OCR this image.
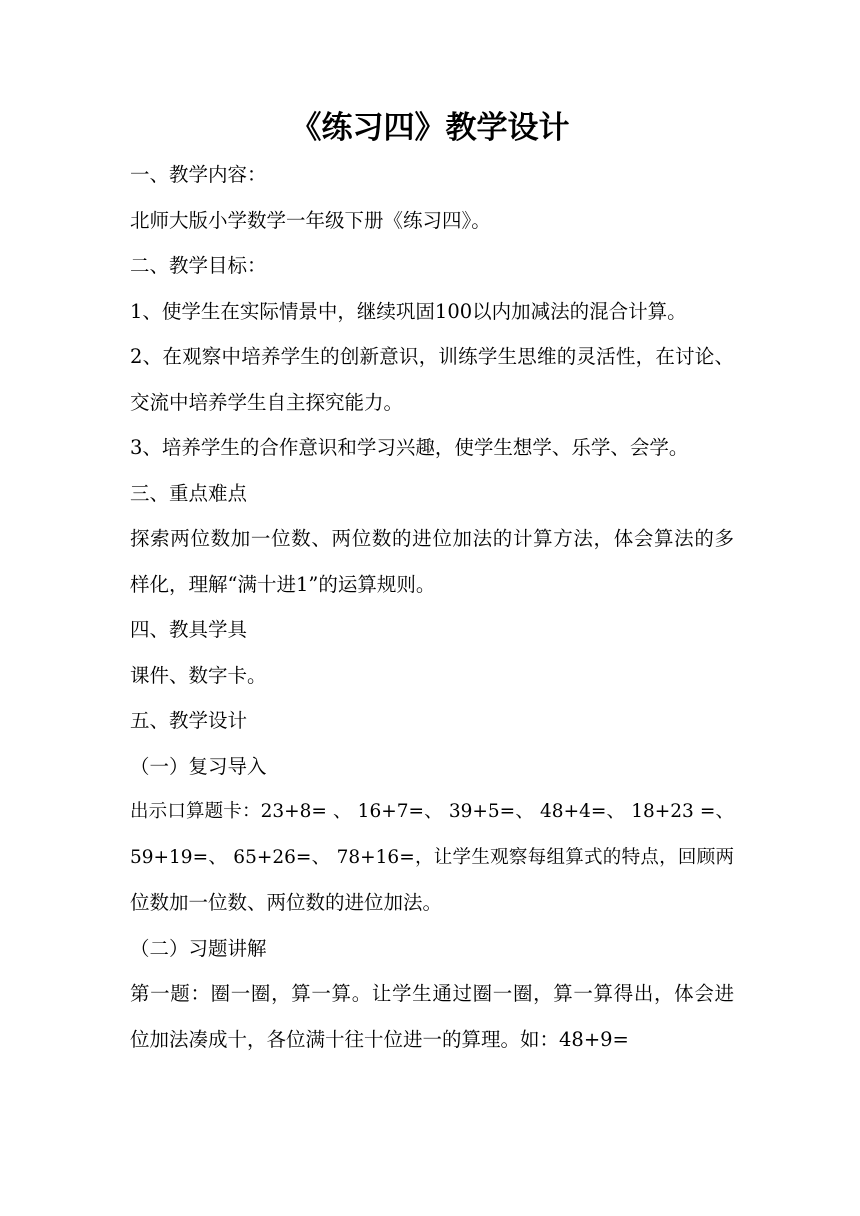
《练习四》教学设计

一、教学内容：

北师大版小学数学一年级下册《练习四》。

二、教学目标：

1、使学生在实际情景中，继续巩固100以内加减法的混合计算。

2、在观察中培养学生的创新意识，训练学生思维的灵活性，在讨论、

交流中培养学生自主探究能力。

3、培养学生的合作意识和学习兴趣，使学生想学、乐学、会学。

三、重点难点

探索两位数加一位数、两位数的进位加法的计算方法，体会算法的多

样化，理解“满十进1”的运算规则。

四、教具学具

课件、数字卡。

五、教学设计

（一）复习导入

出示口算题卡：23+8= 、 16+7=、 39+5=、 48+4=、 18+23 =、

59+19=、 65+26=、 78+16=，让学生观察每组算式的特点，回顾两

位数加一位数、两位数的进位加法。

（二）习题讲解

第一题：圈一圈，算一算。让学生通过圈一圈，算一算得出，体会进

位加法凑成十，各位满十往十位进一的算理。如：48+9=
